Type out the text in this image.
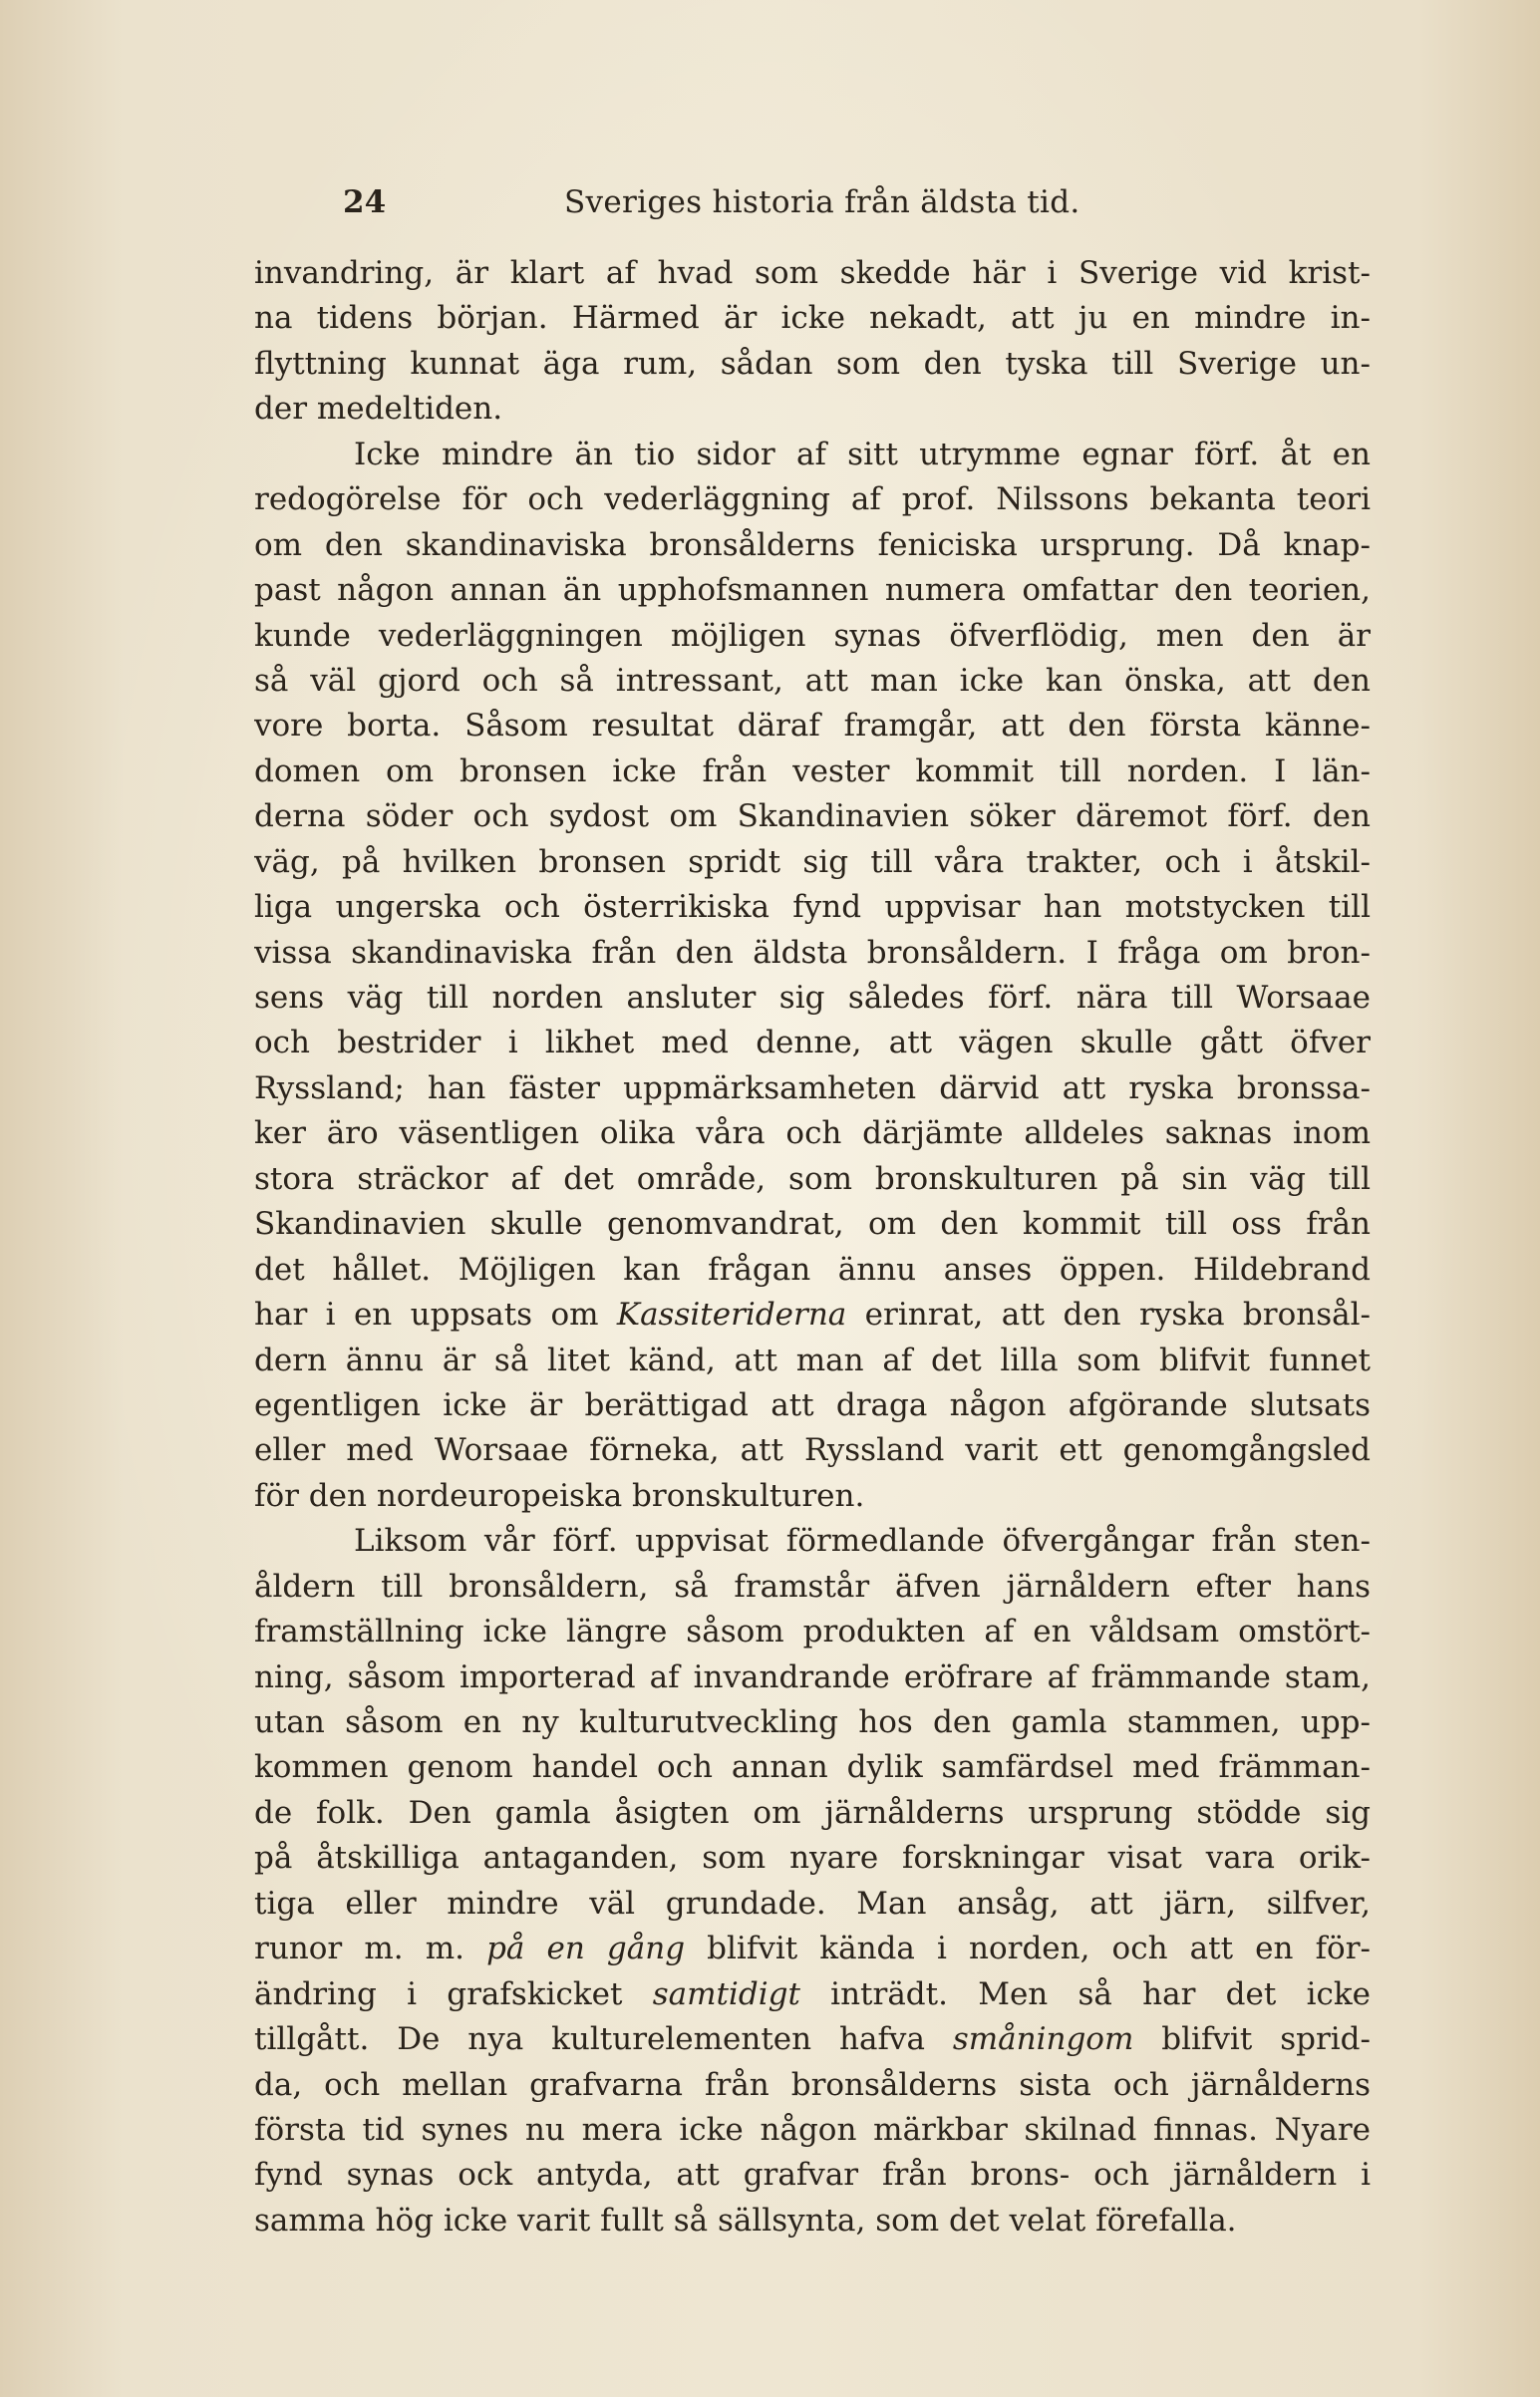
24	Sveriges historia från äldsta tid.
invandring, är klart af hvad som skedde här i Sverige vid krist-
na tidens början. Härmed är icke nekadt, att ju en mindre in-
flyttning kunnat äga rum, sådan som den tyska till Sverige un-
der medeltiden.
Icke mindre än tio sidor af sitt utrymme egnar förf. åt en
redogörelse för och vederläggning af prof. Nilssons bekanta teori
om den skandinaviska bronsålderns feniciska ursprung. Då knap-
past någon annan än upphofsmannen numera omfattar den teorien,
kunde vederläggningen möjligen synas öfverflödig, men den är
så väl gjord och så intressant, att man icke kan önska, att den
vore borta. Såsom resultat däraf framgår, att den första känne-
domen om bronsen icke från vester kommit till norden. I län-
derna söder och sydost om Skandinavien söker däremot förf. den
väg, på hvilken bronsen spridt sig till våra trakter, och i åtskil-
liga ungerska och österrikiska fynd uppvisar han motstycken till
vissa skandinaviska från den äldsta bronsåldern. I fråga om bron-
sens väg till norden ansluter sig således förf. nära till Worsaae
och bestrider i likhet med denne, att vägen skulle gått öfver
Ryssland; han fäster uppmärksamheten därvid att ryska bronssa-
ker äro väsentligen olika våra och därjämte alldeles saknas inom
stora sträckor af det område, som bronskulturen på sin väg till
Skandinavien skulle genomvandrat, om den kommit till oss från
det hållet. Möjligen kan frågan ännu anses öppen. Hildebrand
har i en uppsats om Kassiteriderna erinrat, att den ryska bronsål-
dern ännu är så litet känd, att man af det lilla som blifvit funnet
egentligen icke är berättigad att draga någon afgörande slutsats
eller med Worsaae förneka, att Ryssland varit ett genomgångsled
för den nordeuropeiska bronskulturen.
Liksom vår förf. uppvisat förmedlande öfvergångar från sten-
åldern till bronsåldern, så framstår äfven järnåldern efter hans
framställning icke längre såsom produkten af en våldsam omstört-
ning, såsom importerad af invandrande eröfrare af främmande stam,
utan såsom en ny kulturutveckling hos den gamla stammen, upp-
kommen genom handel och annan dylik samfärdsel med främman-
de folk. Den gamla åsigten om järnålderns ursprung stödde sig
på åtskilliga antaganden, som nyare forskningar visat vara orik-
tiga eller mindre väl grundade. Man ansåg, att järn, silfver,
runor m. m. på en gång blifvit kända i norden, och att en för-
ändring i grafskicket samtidigt inträdt. Men så har det icke
tillgått. De nya kulturelementen hafva småningom blifvit sprid-
da, och mellan grafvarna från bronsålderns sista och järnålderns
första tid synes nu mera icke någon märkbar skilnad finnas. Nyare
fynd synas ock antyda, att grafvar från brons- och järnåldern i
samma hög icke varit fullt så sällsynta, som det velat förefalla.
